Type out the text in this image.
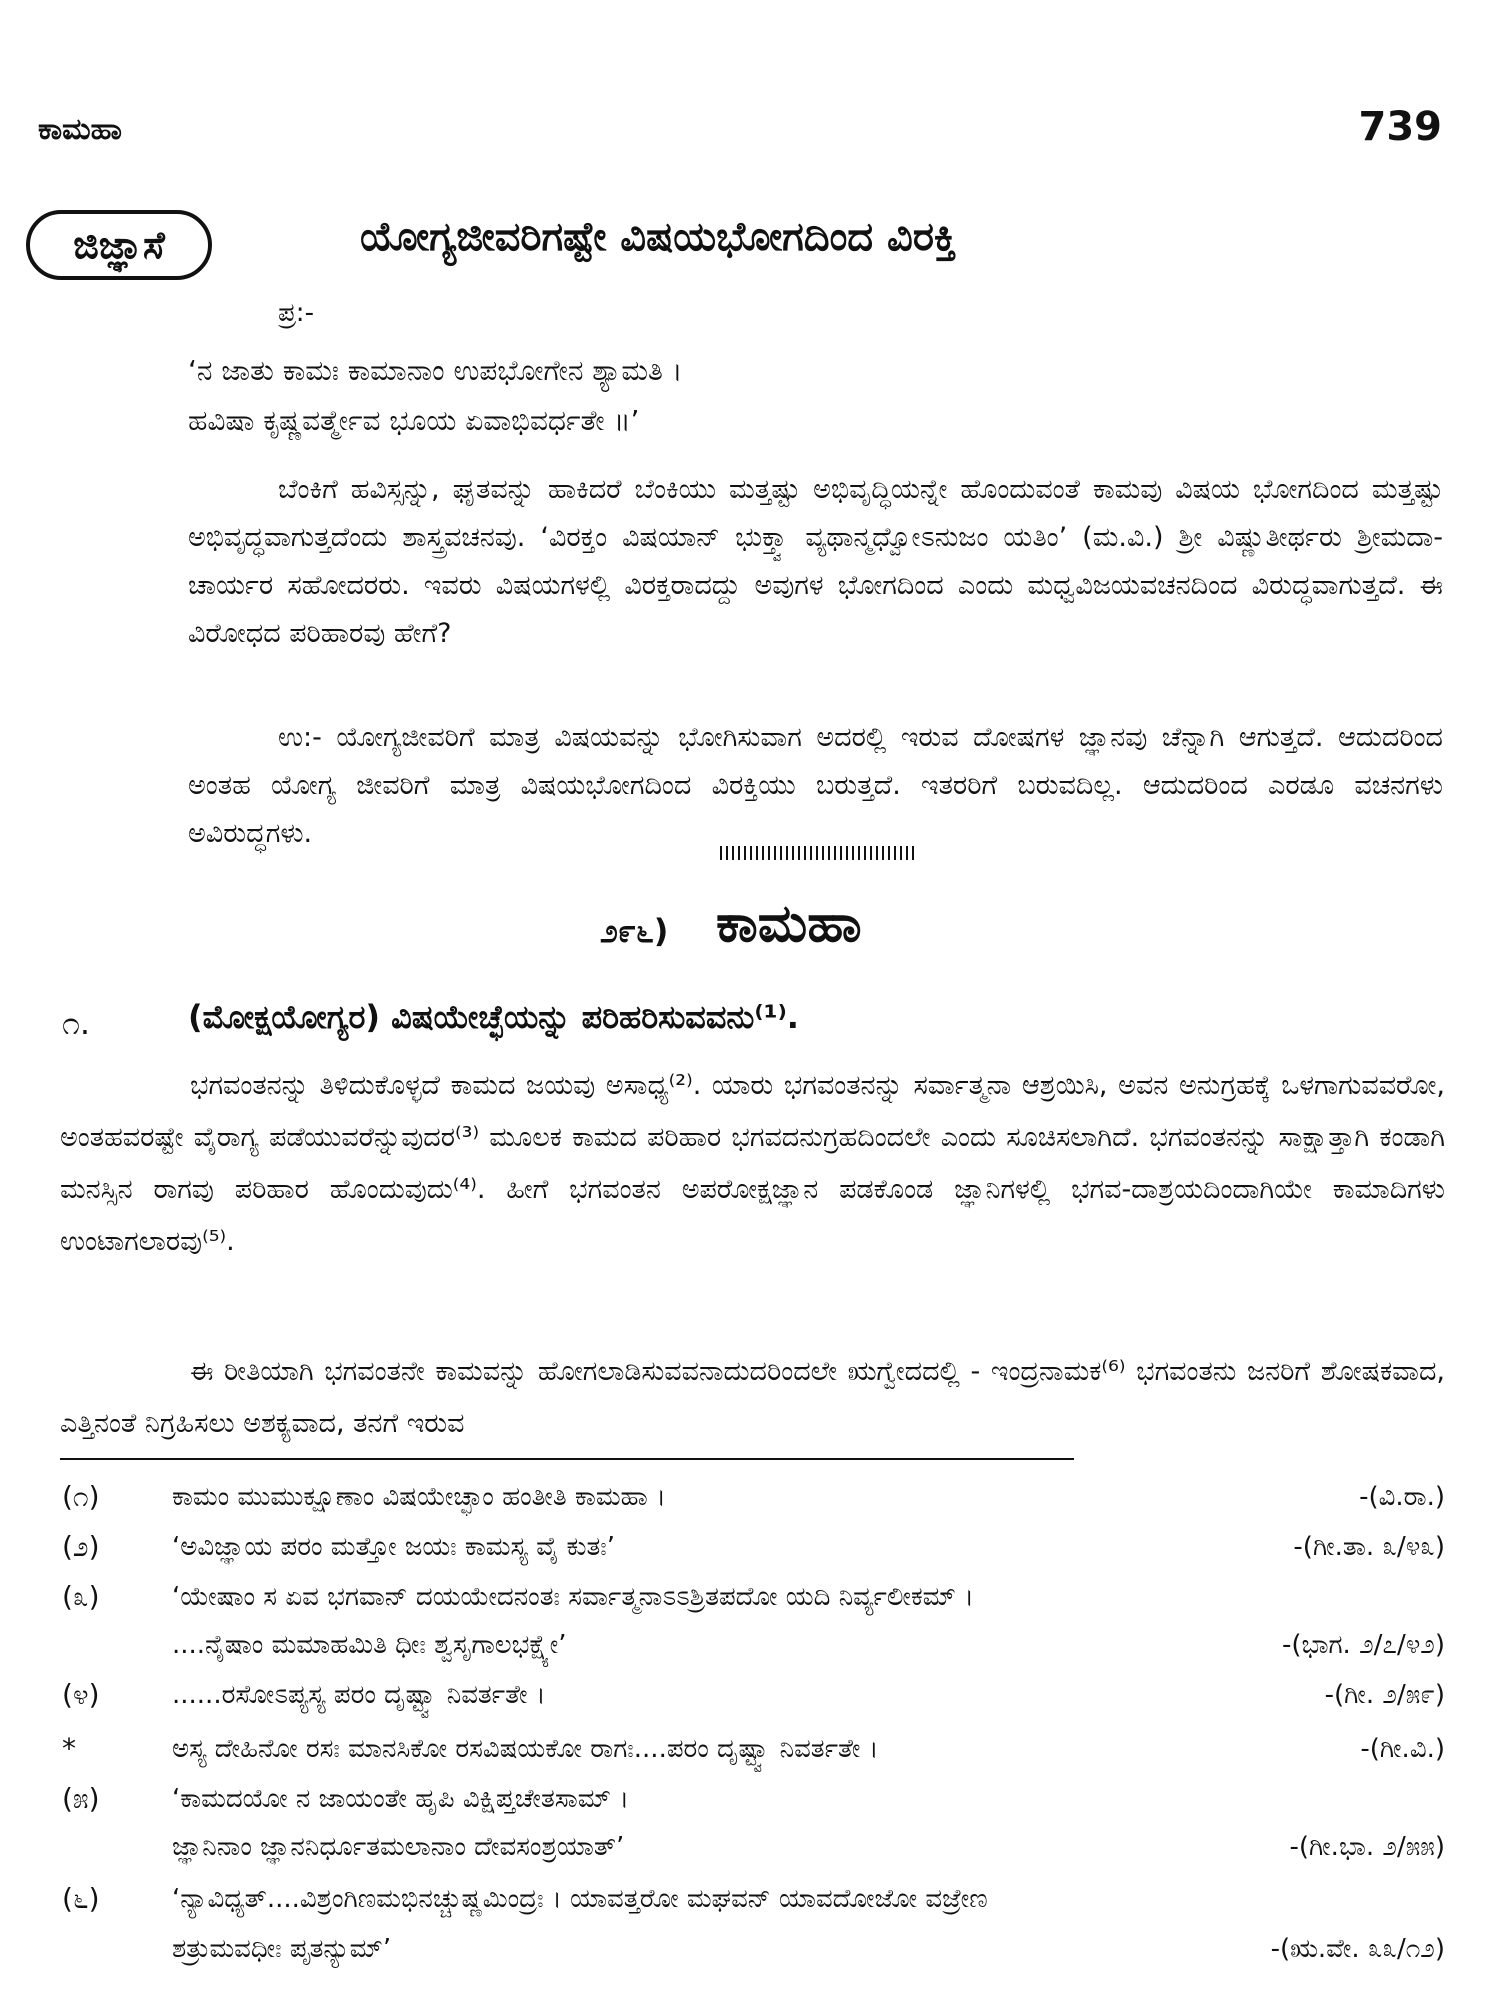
ಕಾಮಹಾ	739
ಜಿಜ್ಞಾಸೆ	ಯೋಗ್ಯಜೀವರಿಗಷ್ಟೇ ವಿಷಯಭೋಗದಿಂದ ವಿರಕ್ತಿ
ಪ್ರ:-
‘ನ ಜಾತು ಕಾಮಃ ಕಾಮಾನಾಂ ಉಪಭೋಗೇನ ಶ್ಯಾಮತಿ ।
ಹವಿಷಾ ಕೃಷ್ಣವರ್ತ್ಮೇವ ಭೂಯ ಏವಾಭಿವರ್ಧತೇ ॥’
ಬೆಂಕಿಗೆ ಹವಿಸ್ಸನ್ನು, ಘೃತವನ್ನು ಹಾಕಿದರೆ ಬೆಂಕಿಯು ಮತ್ತಷ್ಟು ಅಭಿವೃದ್ಧಿಯನ್ನೇ ಹೊಂದುವಂತೆ ಕಾಮವು ವಿಷಯ ಭೋಗದಿಂದ ಮತ್ತಷ್ಟು ಅಭಿವೃದ್ಧವಾಗುತ್ತದೆಂದು ಶಾಸ್ತ್ರವಚನವು. ‘ವಿರಕ್ತಂ ವಿಷಯಾನ್ ಭುಕ್ತ್ವಾ ವ್ಯಥಾನ್ಮಧ್ವೋಽನುಜಂ ಯತಿಂ’ (ಮ.ವಿ.) ಶ್ರೀ ವಿಷ್ಣುತೀರ್ಥರು ಶ್ರೀಮದಾ-ಚಾರ್ಯರ ಸಹೋದರರು. ಇವರು ವಿಷಯಗಳಲ್ಲಿ ವಿರಕ್ತರಾದದ್ದು ಅವುಗಳ ಭೋಗದಿಂದ ಎಂದು ಮಧ್ವವಿಜಯವಚನದಿಂದ ವಿರುದ್ಧವಾಗುತ್ತದೆ. ಈ ವಿರೋಧದ ಪರಿಹಾರವು ಹೇಗೆ?
ಉ:- ಯೋಗ್ಯಜೀವರಿಗೆ ಮಾತ್ರ ವಿಷಯವನ್ನು ಭೋಗಿಸುವಾಗ ಅದರಲ್ಲಿ ಇರುವ ದೋಷಗಳ ಜ್ಞಾನವು ಚೆನ್ನಾಗಿ ಆಗುತ್ತದೆ. ಆದುದರಿಂದ ಅಂತಹ ಯೋಗ್ಯ ಜೀವರಿಗೆ ಮಾತ್ರ ವಿಷಯಭೋಗದಿಂದ ವಿರಕ್ತಿಯು ಬರುತ್ತದೆ. ಇತರರಿಗೆ ಬರುವದಿಲ್ಲ. ಆದುದರಿಂದ ಎರಡೂ ವಚನಗಳು ಅವಿರುದ್ಧಗಳು.
೨೯೬) ಕಾಮಹಾ
೧.	(ಮೋಕ್ಷಯೋಗ್ಯರ) ವಿಷಯೇಚ್ಛೆಯನ್ನು ಪರಿಹರಿಸುವವನು⁽¹⁾.
ಭಗವಂತನನ್ನು ತಿಳಿದುಕೊಳ್ಳದೆ ಕಾಮದ ಜಯವು ಅಸಾಧ್ಯ⁽²⁾. ಯಾರು ಭಗವಂತನನ್ನು ಸರ್ವಾತ್ಮನಾ ಆಶ್ರಯಿಸಿ, ಅವನ ಅನುಗ್ರಹಕ್ಕೆ ಒಳಗಾಗುವವರೋ, ಅಂತಹವರಷ್ಟೇ ವೈರಾಗ್ಯ ಪಡೆಯುವರೆನ್ನುವುದರ⁽³⁾ ಮೂಲಕ ಕಾಮದ ಪರಿಹಾರ ಭಗವದನುಗ್ರಹದಿಂದಲೇ ಎಂದು ಸೂಚಿಸಲಾಗಿದೆ. ಭಗವಂತನನ್ನು ಸಾಕ್ಷಾತ್ತಾಗಿ ಕಂಡಾಗಿ ಮನಸ್ಸಿನ ರಾಗವು ಪರಿಹಾರ ಹೊಂದುವುದು⁽⁴⁾. ಹೀಗೆ ಭಗವಂತನ ಅಪರೋಕ್ಷಜ್ಞಾನ ಪಡಕೊಂಡ ಜ್ಞಾನಿಗಳಲ್ಲಿ ಭಗವ-ದಾಶ್ರಯದಿಂದಾಗಿಯೇ ಕಾಮಾದಿಗಳು ಉಂಟಾಗಲಾರವು⁽⁵⁾.
ಈ ರೀತಿಯಾಗಿ ಭಗವಂತನೇ ಕಾಮವನ್ನು ಹೋಗಲಾಡಿಸುವವನಾದುದರಿಂದಲೇ ಋಗ್ವೇದದಲ್ಲಿ - ಇಂದ್ರನಾಮಕ⁽⁶⁾ ಭಗವಂತನು ಜನರಿಗೆ ಶೋಷಕವಾದ, ಎತ್ತಿನಂತೆ ನಿಗ್ರಹಿಸಲು ಅಶಕ್ಯವಾದ, ತನಗೆ ಇರುವ
(೧)	ಕಾಮಂ ಮುಮುಕ್ಷೂಣಾಂ ವಿಷಯೇಚ್ಛಾಂ ಹಂತೀತಿ ಕಾಮಹಾ ।	-(ವಿ.ರಾ.)
(೨)	‘ಅವಿಜ್ಞಾಯ ಪರಂ ಮತ್ತೋ ಜಯಃ ಕಾಮಸ್ಯ ವೈ ಕುತಃ’	-(ಗೀ.ತಾ. ೩/೪೩)
(೩)	‘ಯೇಷಾಂ ಸ ಏವ ಭಗವಾನ್ ದಯಯೇದನಂತಃ ಸರ್ವಾತ್ಮನಾಽಽಶ್ರಿತಪದೋ ಯದಿ ನಿರ್ವ್ಯಲೀಕಮ್ ।
....ನೈಷಾಂ ಮಮಾಹಮಿತಿ ಧೀಃ ಶ್ವಸೃಗಾಲಭಕ್ಷ್ಯೇ’	-(ಭಾಗ. ೨/೭/೪೨)
(೪)	......ರಸೋಽಪ್ಯಸ್ಯ ಪರಂ ದೃಷ್ಟ್ವಾ ನಿವರ್ತತೇ ।	-(ಗೀ. ೨/೫೯)
*	ಅಸ್ಯ ದೇಹಿನೋ ರಸಃ ಮಾನಸಿಕೋ ರಸವಿಷಯಕೋ ರಾಗಃ....ಪರಂ ದೃಷ್ಟ್ವಾ ನಿವರ್ತತೇ ।	-(ಗೀ.ವಿ.)
(೫)	‘ಕಾಮದಯೋ ನ ಜಾಯಂತೇ ಹೃಪಿ ವಿಕ್ಷಿಪ್ತಚೇತಸಾಮ್ ।
ಜ್ಞಾನಿನಾಂ ಜ್ಞಾನನಿರ್ಧೂತಮಲಾನಾಂ ದೇವಸಂಶ್ರಯಾತ್’	-(ಗೀ.ಭಾ. ೨/೫೫)
(೬)	‘ನ್ಯಾವಿಧ್ಯತ್....ವಿಶ್ರಂಗಿಣಮಭಿನಚ್ಚುಷ್ಣಮಿಂದ್ರಃ । ಯಾವತ್ತರೋ ಮಘವನ್ ಯಾವದೋಜೋ ವಜ್ರೇಣ
ಶತ್ರುಮವಧೀಃ ಪೃತನ್ಯುಮ್’	-(ಋ.ವೇ. ೩೩/೧೨)
